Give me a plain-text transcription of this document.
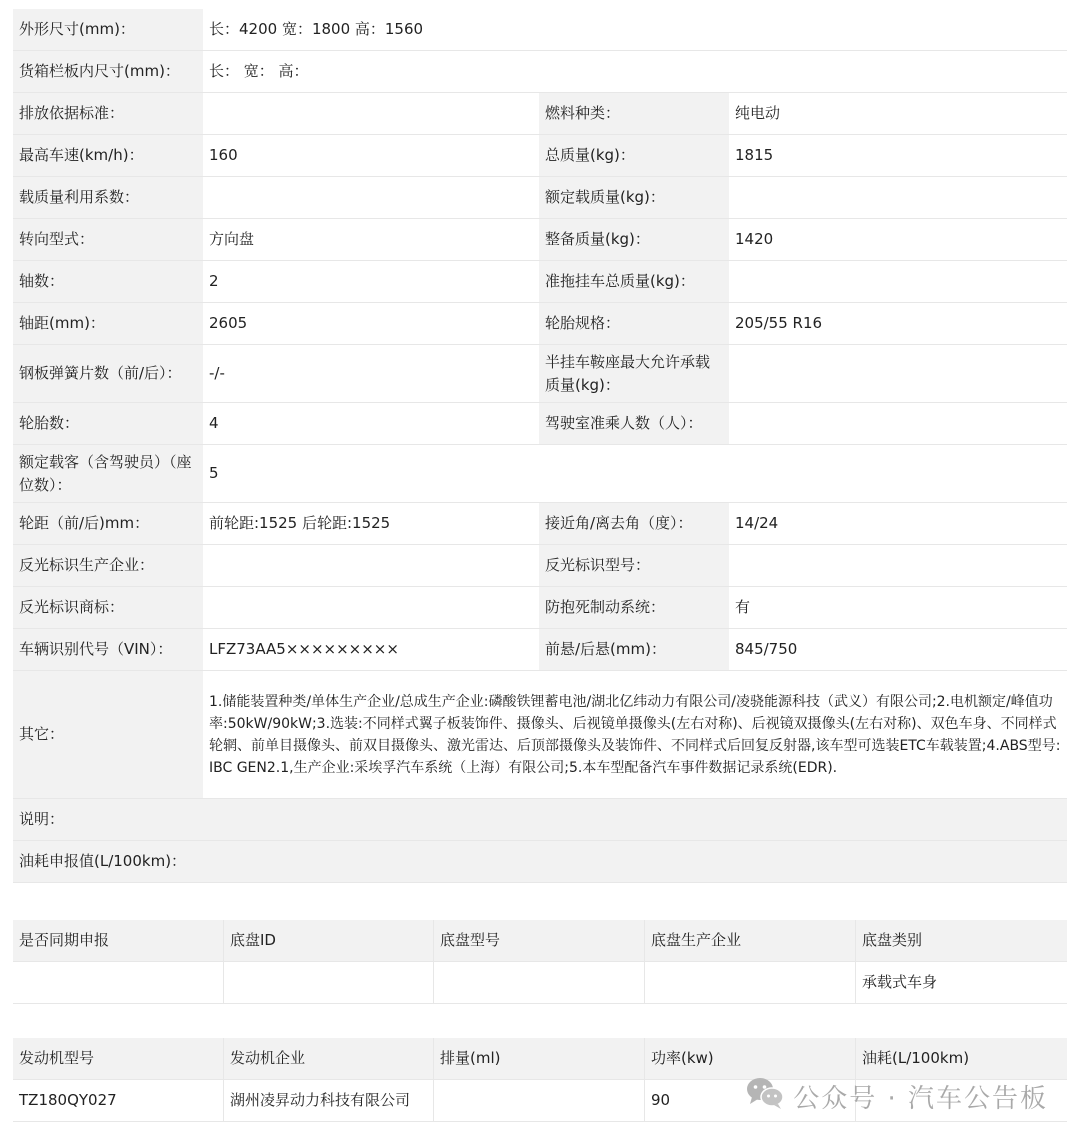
外形尺寸(mm)：	长：4200 宽：1800 高：1560		
货箱栏板内尺寸(mm)：	长： 宽： 高：		
排放依据标准：		燃料种类：	纯电动
最高车速(km/h)：	160	总质量(kg)：	1815
载质量利用系数：		额定载质量(kg)：	
转向型式：	方向盘	整备质量(kg)：	1420
轴数：	2	准拖挂车总质量(kg)：	
轴距(mm)：	2605	轮胎规格：	205/55 R16
钢板弹簧片数（前/后）：	-/-	半挂车鞍座最大允许承载质量(kg)：	
轮胎数：	4	驾驶室准乘人数（人）：	
额定载客（含驾驶员）（座位数）：	5		
轮距（前/后)mm：	前轮距:1525 后轮距:1525	接近角/离去角（度）：	14/24
反光标识生产企业：		反光标识型号：	
反光标识商标：		防抱死制动系统：	有
车辆识别代号（VIN）：	LFZ73AA5×××××××××	前悬/后悬(mm)：	845/750
其它：	1.储能装置种类/单体生产企业/总成生产企业:磷酸铁锂蓄电池/湖北亿纬动力有限公司/凌骁能源科技（武义）有限公司;2.电机额定/峰值功率:50kW/90kW;3.选装:不同样式翼子板装饰件、摄像头、后视镜单摄像头(左右对称)、后视镜双摄像头(左右对称)、双色车身、不同样式轮辋、前单目摄像头、前双目摄像头、激光雷达、后顶部摄像头及装饰件、不同样式后回复反射器,该车型可选装ETC车载装置;4.ABS型号:IBC GEN2.1,生产企业:采埃孚汽车系统（上海）有限公司;5.本车型配备汽车事件数据记录系统(EDR).		
说明：			
油耗申报值(L/100km)：			
是否同期申报	底盘ID	底盘型号	底盘生产企业	底盘类别
				承载式车身
发动机型号	发动机企业	排量(ml)	功率(kw)	油耗(L/100km)
TZ180QY027	湖州凌昇动力科技有限公司		90		公众号 · 汽车公告板
